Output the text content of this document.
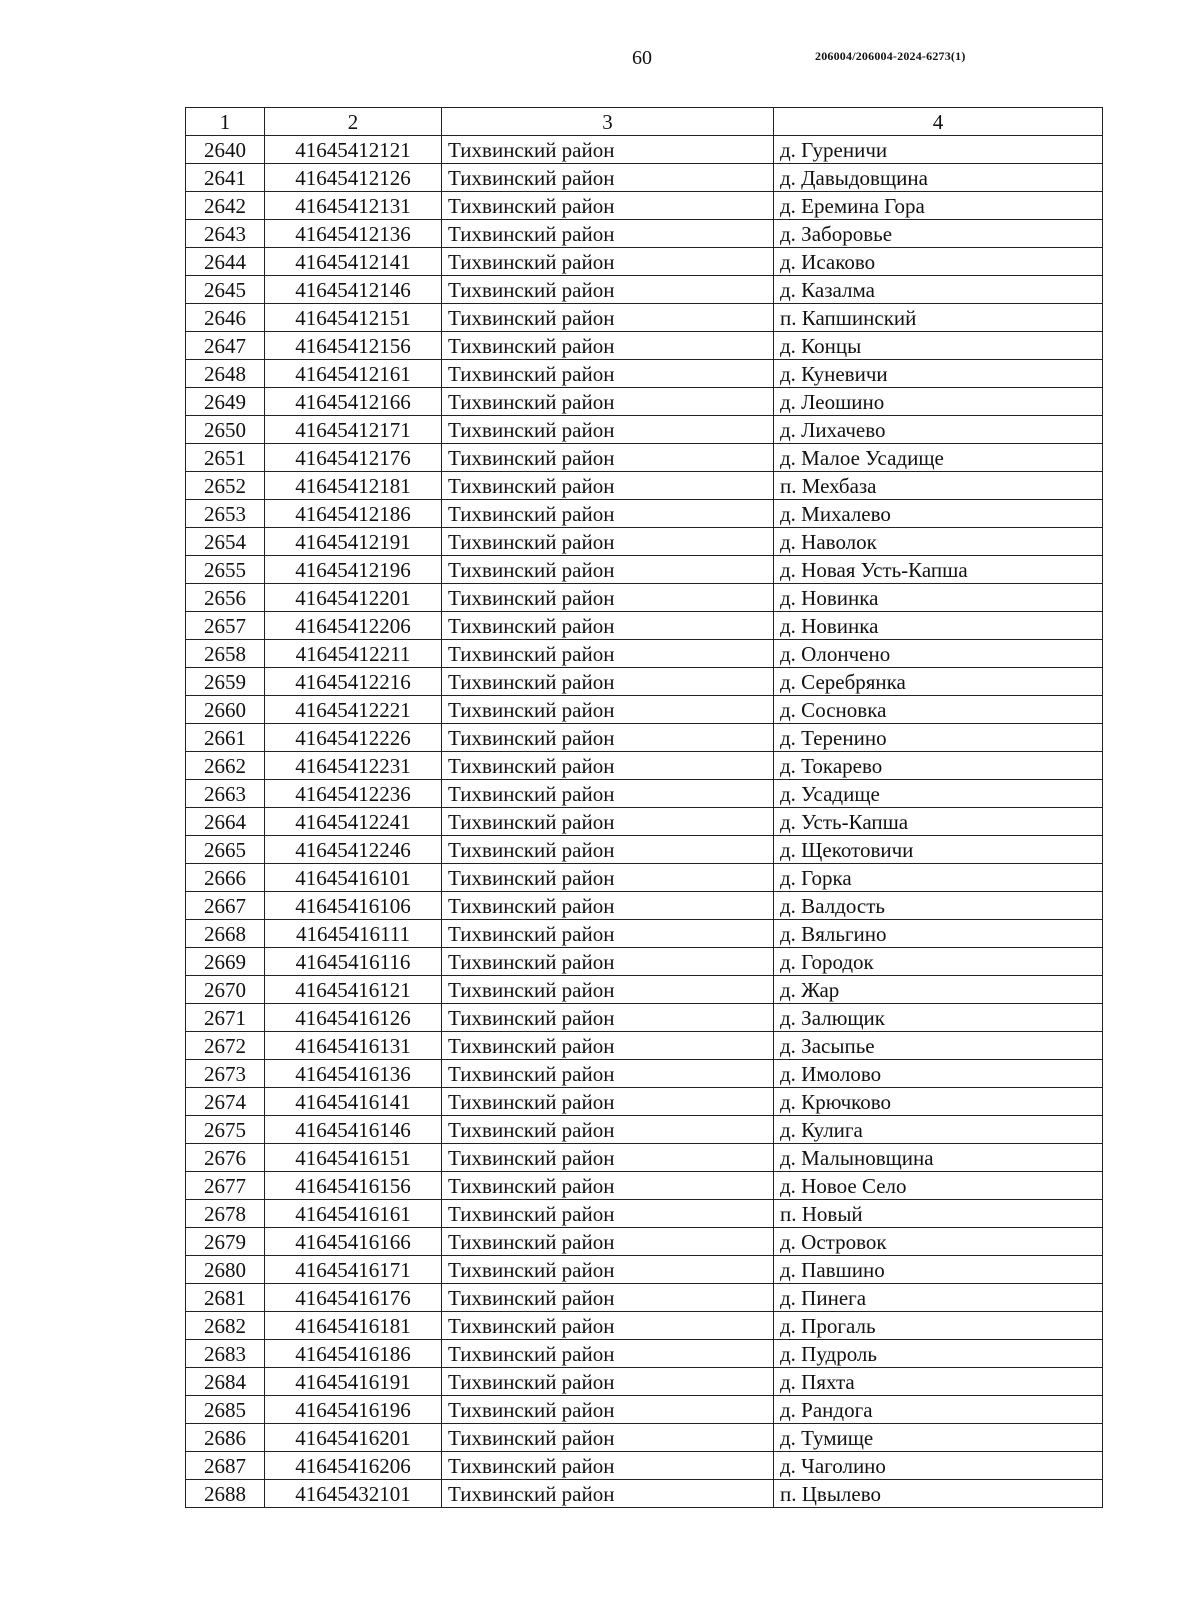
60	206004/206004-2024-6273(1)
1	2	3	4
2640	41645412121	Тихвинский район	д. Гуреничи
2641	41645412126	Тихвинский район	д. Давыдовщина
2642	41645412131	Тихвинский район	д. Еремина Гора
2643	41645412136	Тихвинский район	д. Заборовье
2644	41645412141	Тихвинский район	д. Исаково
2645	41645412146	Тихвинский район	д. Казалма
2646	41645412151	Тихвинский район	п. Капшинский
2647	41645412156	Тихвинский район	д. Концы
2648	41645412161	Тихвинский район	д. Куневичи
2649	41645412166	Тихвинский район	д. Леошино
2650	41645412171	Тихвинский район	д. Лихачево
2651	41645412176	Тихвинский район	д. Малое Усадище
2652	41645412181	Тихвинский район	п. Мехбаза
2653	41645412186	Тихвинский район	д. Михалево
2654	41645412191	Тихвинский район	д. Наволок
2655	41645412196	Тихвинский район	д. Новая Усть-Капша
2656	41645412201	Тихвинский район	д. Новинка
2657	41645412206	Тихвинский район	д. Новинка
2658	41645412211	Тихвинский район	д. Олончено
2659	41645412216	Тихвинский район	д. Серебрянка
2660	41645412221	Тихвинский район	д. Сосновка
2661	41645412226	Тихвинский район	д. Теренино
2662	41645412231	Тихвинский район	д. Токарево
2663	41645412236	Тихвинский район	д. Усадище
2664	41645412241	Тихвинский район	д. Усть-Капша
2665	41645412246	Тихвинский район	д. Щекотовичи
2666	41645416101	Тихвинский район	д. Горка
2667	41645416106	Тихвинский район	д. Валдость
2668	41645416111	Тихвинский район	д. Вяльгино
2669	41645416116	Тихвинский район	д. Городок
2670	41645416121	Тихвинский район	д. Жар
2671	41645416126	Тихвинский район	д. Залющик
2672	41645416131	Тихвинский район	д. Засыпье
2673	41645416136	Тихвинский район	д. Имолово
2674	41645416141	Тихвинский район	д. Крючково
2675	41645416146	Тихвинский район	д. Кулига
2676	41645416151	Тихвинский район	д. Малыновщина
2677	41645416156	Тихвинский район	д. Новое Село
2678	41645416161	Тихвинский район	п. Новый
2679	41645416166	Тихвинский район	д. Островок
2680	41645416171	Тихвинский район	д. Павшино
2681	41645416176	Тихвинский район	д. Пинега
2682	41645416181	Тихвинский район	д. Прогаль
2683	41645416186	Тихвинский район	д. Пудроль
2684	41645416191	Тихвинский район	д. Пяхта
2685	41645416196	Тихвинский район	д. Рандога
2686	41645416201	Тихвинский район	д. Тумище
2687	41645416206	Тихвинский район	д. Чаголино
2688	41645432101	Тихвинский район	п. Цвылево
